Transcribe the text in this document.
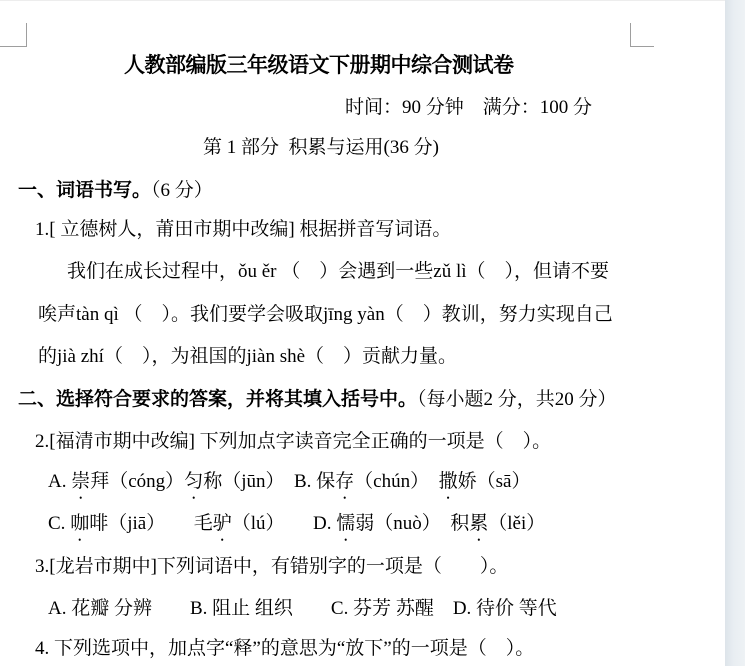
人教部编版三年级语文下册期中综合测试卷
时间：90 分钟　满分：100 分
第 1 部分  积累与运用(36 分)
一、词语书写。（6 分）
1.[ 立德树人，莆田市期中改编] 根据拼音写词语。
我们在成长过程中，ǒu ěr （　）会遇到一些zǔ lì（　），但请不要
唉声tàn qì （　）。我们要学会吸取jīng yàn（　）教训，努力实现自己
的jià zhí（　），为祖国的jiàn shè（　）贡献力量。
二、选择符合要求的答案，并将其填入括号中。（每小题2 分，共20 分）
2.[福清市期中改编] 下列加点字读音完全正确的一项是（　）。
A. 崇拜（cóng）匀称（jūn）　B. 保存（chún）　撒娇（sā）
C. 咖啡（jiā）　　毛驴（lú）　　D. 懦弱（nuò）　积累（lěi）
3.[龙岩市期中]下列词语中，有错别字的一项是（　　）。
A. 花瓣 分辨　　B. 阻止 组织　　C. 芬芳 苏醒　D. 待价 等代
4. 下列选项中，加点字“释”的意思为“放下”的一项是（　）。
